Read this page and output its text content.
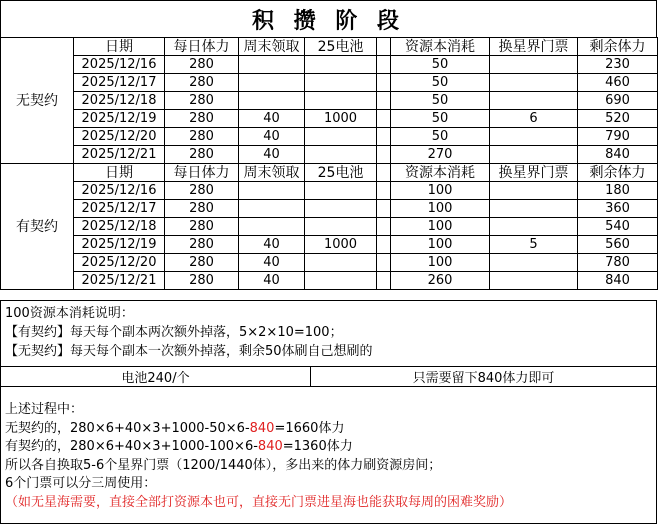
积 攒 阶 段
无契约	日期	每日体力	周末领取	25电池		资源本消耗	换星界门票	剩余体力
	2025/12/16	280				50		230
	2025/12/17	280				50		460
	2025/12/18	280				50		690
	2025/12/19	280	40	1000		50	6	520
	2025/12/20	280	40			50		790
	2025/12/21	280	40			270		840
有契约	日期	每日体力	周末领取	25电池		资源本消耗	换星界门票	剩余体力
	2025/12/16	280				100		180
	2025/12/17	280				100		360
	2025/12/18	280				100		540
	2025/12/19	280	40	1000		100	5	560
	2025/12/20	280	40			100		780
	2025/12/21	280	40			260		840
100资源本消耗说明：
【有契约】每天每个副本两次额外掉落，5×2×10=100；
【无契约】每天每个副本一次额外掉落，剩余50体刷自己想刷的
电池240/个	只需要留下840体力即可
上述过程中：
无契约的，280×6+40×3+1000-50×6-840=1660体力
有契约的，280×6+40×3+1000-100×6-840=1360体力
所以各自换取5-6个星界门票（1200/1440体），多出来的体力刷资源房间；
6个门票可以分三周使用：
（如无星海需要，直接全部打资源本也可，直接无门票进星海也能获取每周的困难奖励）
